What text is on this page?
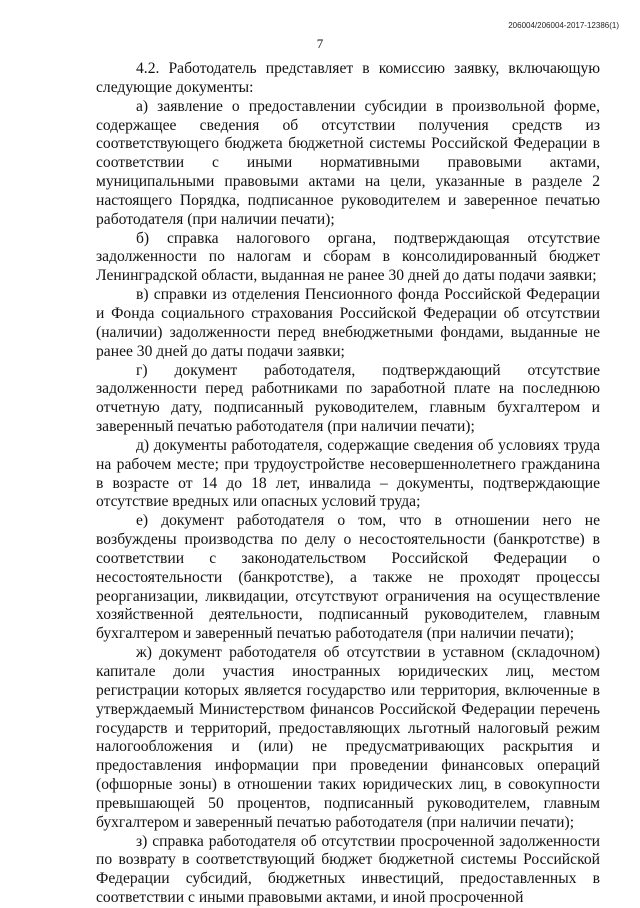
206004/206004-2017-12386(1)
7

4.2. Работодатель представляет в комиссию заявку, включающую следующие документы:

а) заявление о предоставлении субсидии в произвольной форме, содержащее сведения об отсутствии получения средств из соответствующего бюджета бюджетной системы Российской Федерации в соответствии с иными нормативными правовыми актами, муниципальными правовыми актами на цели, указанные в разделе 2 настоящего Порядка, подписанное руководителем и заверенное печатью работодателя (при наличии печати);

б) справка налогового органа, подтверждающая отсутствие задолженности по налогам и сборам в консолидированный бюджет Ленинградской области, выданная не ранее 30 дней до даты подачи заявки;

в) справки из отделения Пенсионного фонда Российской Федерации и Фонда социального страхования Российской Федерации об отсутствии (наличии) задолженности перед внебюджетными фондами, выданные не ранее 30 дней до даты подачи заявки;

г) документ работодателя, подтверждающий отсутствие задолженности перед работниками по заработной плате на последнюю отчетную дату, подписанный руководителем, главным бухгалтером и заверенный печатью работодателя (при наличии печати);

д) документы работодателя, содержащие сведения об условиях труда на рабочем месте; при трудоустройстве несовершеннолетнего гражданина в возрасте от 14 до 18 лет, инвалида – документы, подтверждающие отсутствие вредных или опасных условий труда;

е) документ работодателя о том, что в отношении него не возбуждены производства по делу о несостоятельности (банкротстве) в соответствии с законодательством Российской Федерации о несостоятельности (банкротстве), а также не проходят процессы реорганизации, ликвидации, отсутствуют ограничения на осуществление хозяйственной деятельности, подписанный руководителем, главным бухгалтером и заверенный печатью работодателя (при наличии печати);

ж) документ работодателя об отсутствии в уставном (складочном) капитале доли участия иностранных юридических лиц, местом регистрации которых является государство или территория, включенные в утверждаемый Министерством финансов Российской Федерации перечень государств и территорий, предоставляющих льготный налоговый режим налогообложения и (или) не предусматривающих раскрытия и предоставления информации при проведении финансовых операций (офшорные зоны) в отношении таких юридических лиц, в совокупности превышающей 50 процентов, подписанный руководителем, главным бухгалтером и заверенный печатью работодателя (при наличии печати);

з) справка работодателя об отсутствии просроченной задолженности по возврату в соответствующий бюджет бюджетной системы Российской Федерации субсидий, бюджетных инвестиций, предоставленных в соответствии с иными правовыми актами, и иной просроченной
